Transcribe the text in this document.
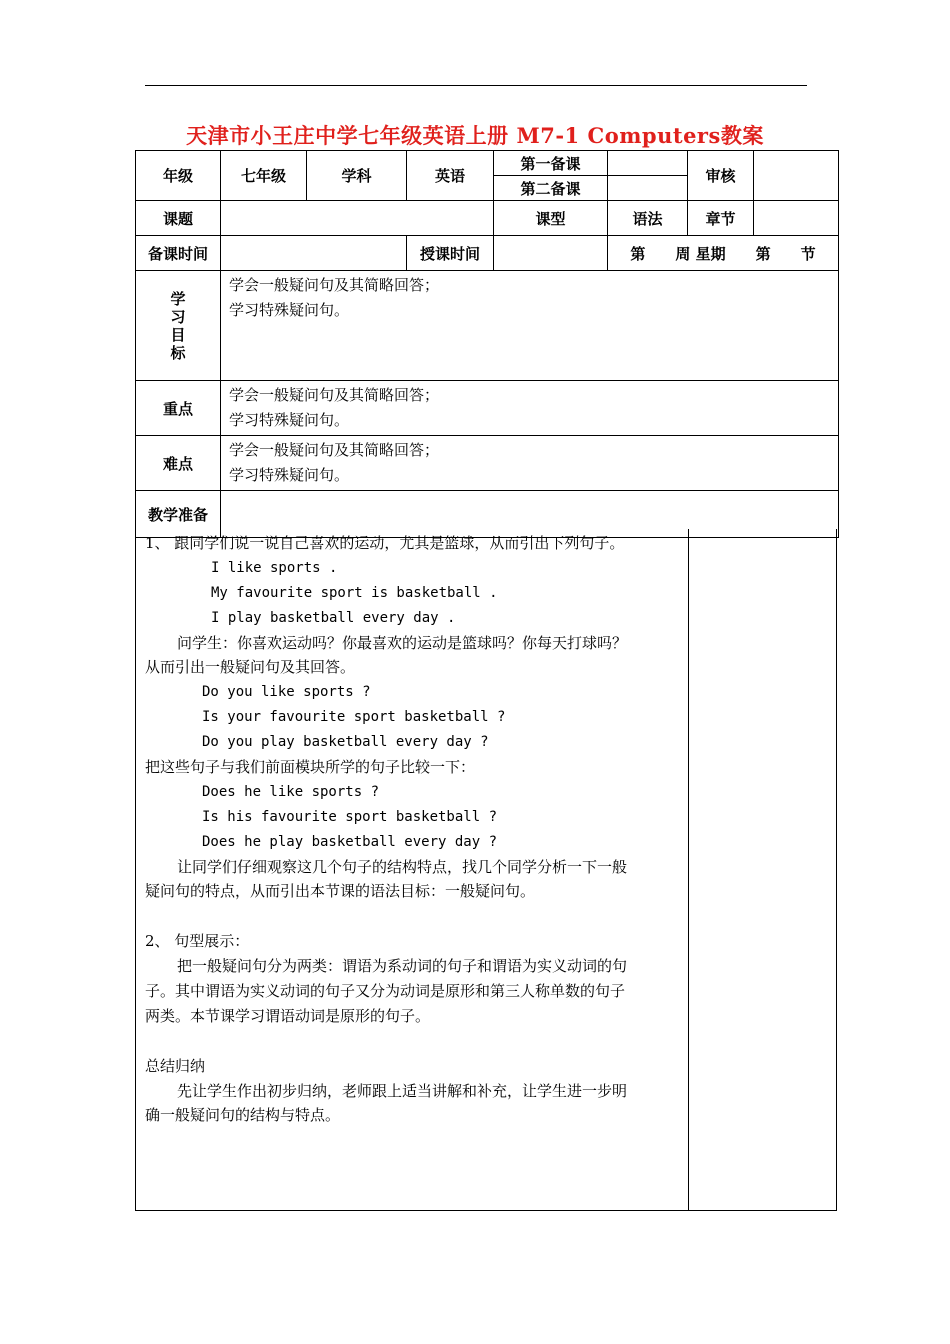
天津市小王庄中学七年级英语上册 M7-1 Computers教案
年级	七年级	学科	英语	第一备课		审核	
				第二备课			
课题				课型	语法	章节	
备课时间			授课时间		第　　周 星期　　第　　节		
学习目标	学会一般疑问句及其简略回答；
学习特殊疑问句。						

重点	学会一般疑问句及其简略回答；
学习特殊疑问句。						

难点	学会一般疑问句及其简略回答；
学习特殊疑问句。						

教学准备							
1、 跟同学们说一说自己喜欢的运动，尤其是篮球，从而引出下列句子。
I like sports .
My favourite sport is basketball .
I play basketball every day .
问学生：你喜欢运动吗？你最喜欢的运动是篮球吗？你每天打球吗？
从而引出一般疑问句及其回答。
Do you like sports ?
Is your favourite sport basketball ?
Do you play basketball every day ?
把这些句子与我们前面模块所学的句子比较一下：
Does he like sports ?
Is his favourite sport basketball ?
Does he play basketball every day ?
让同学们仔细观察这几个句子的结构特点，找几个同学分析一下一般
疑问句的特点，从而引出本节课的语法目标：一般疑问句。
2、 句型展示：
把一般疑问句分为两类：谓语为系动词的句子和谓语为实义动词的句
子。其中谓语为实义动词的句子又分为动词是原形和第三人称单数的句子
两类。本节课学习谓语动词是原形的句子。
总结归纳
先让学生作出初步归纳，老师跟上适当讲解和补充，让学生进一步明
确一般疑问句的结构与特点。
